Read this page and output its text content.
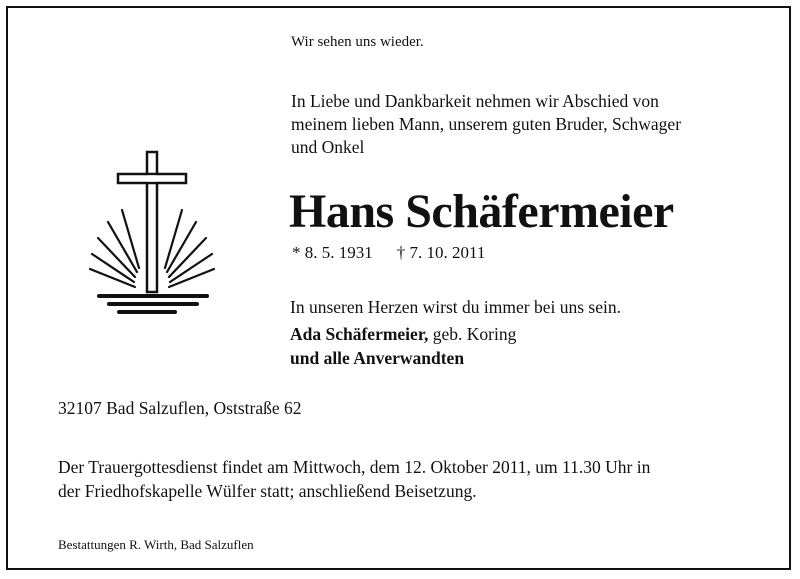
Wir sehen uns wieder.
In Liebe und Dankbarkeit nehmen wir Abschied von
meinem lieben Mann, unserem guten Bruder, Schwager
und Onkel
Hans Schäfermeier
* 8. 5. 1931 † 7. 10. 2011
In unseren Herzen wirst du immer bei uns sein.
Ada Schäfermeier, geb. Koring
und alle Anverwandten
32107 Bad Salzuflen, Oststraße 62
Der Trauergottesdienst findet am Mittwoch, dem 12. Oktober 2011, um 11.30 Uhr in
der Friedhofskapelle Wülfer statt; anschließend Beisetzung.
Bestattungen R. Wirth, Bad Salzuflen
